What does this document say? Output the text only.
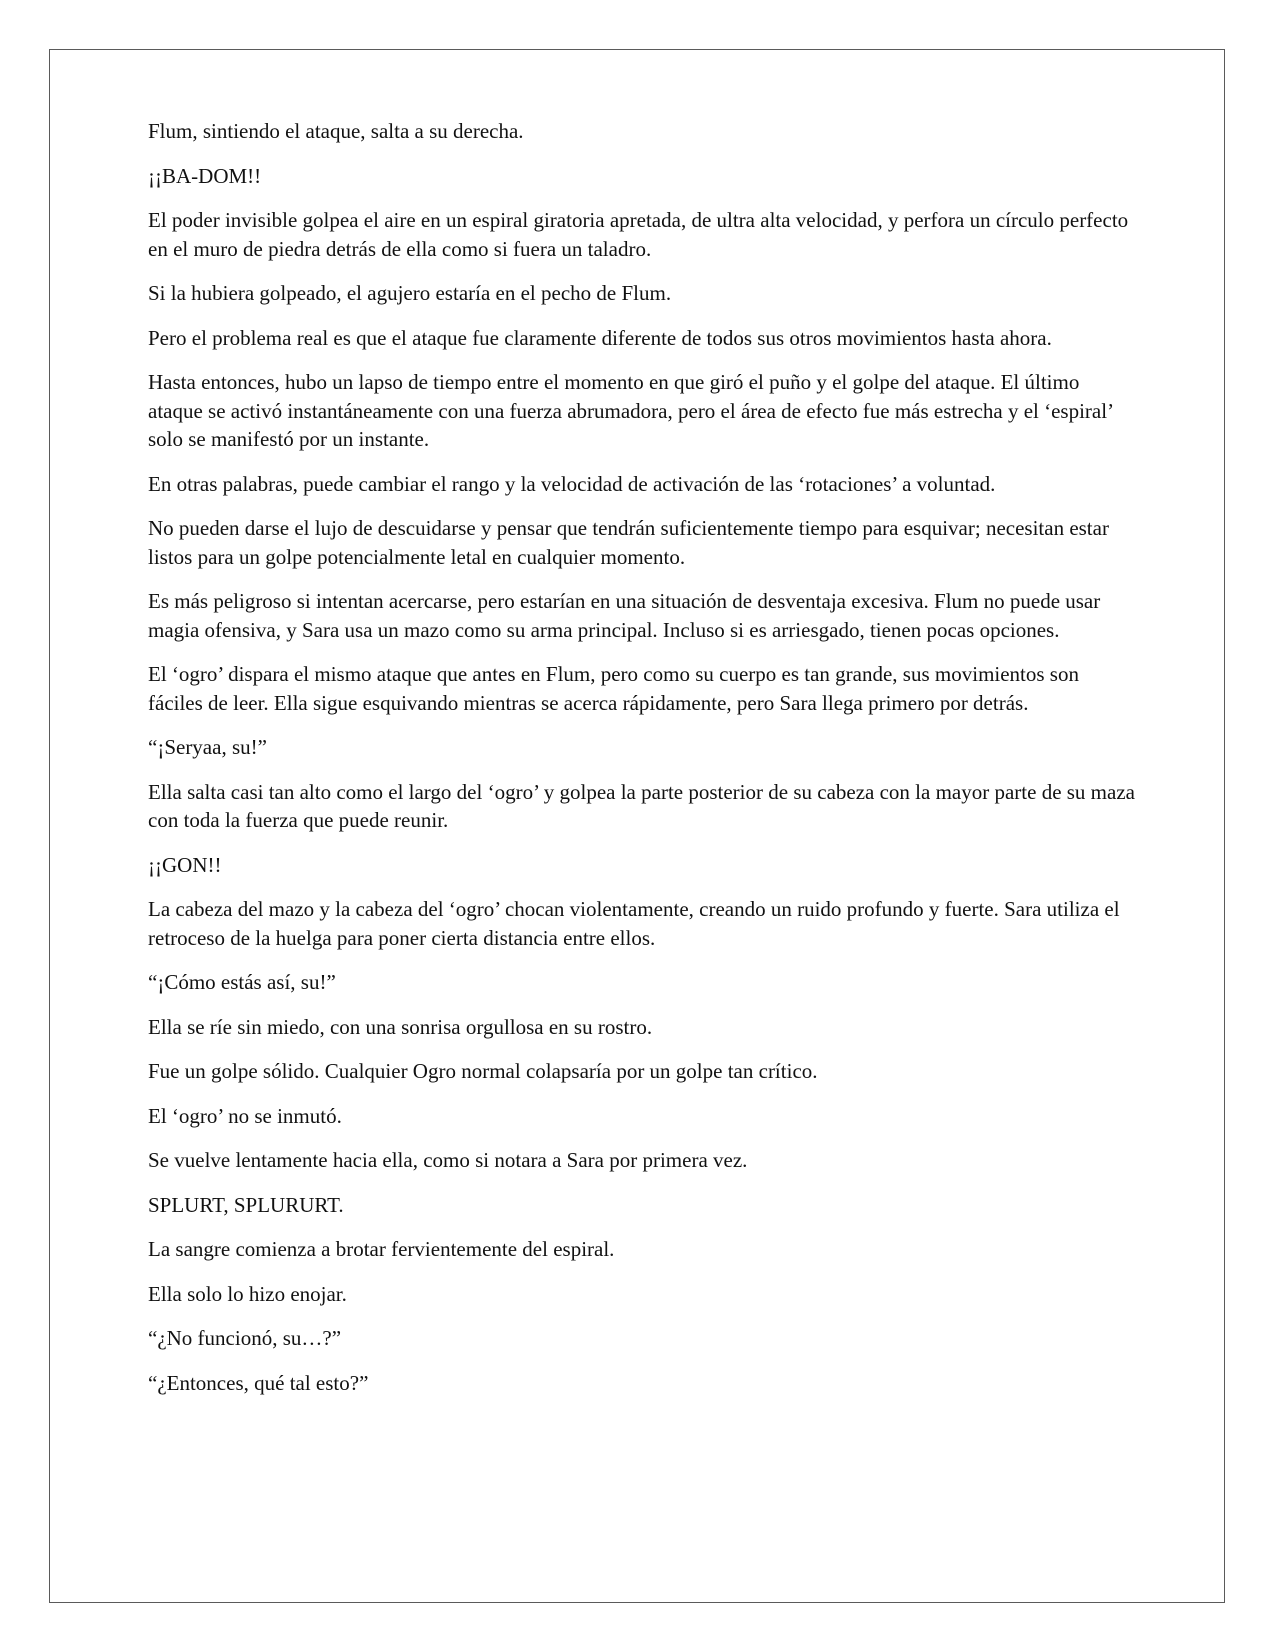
Flum, sintiendo el ataque, salta a su derecha.

¡¡BA-DOM!!

El poder invisible golpea el aire en un espiral giratoria apretada, de ultra alta velocidad, y perfora un círculo perfecto en el muro de piedra detrás de ella como si fuera un taladro.

Si la hubiera golpeado, el agujero estaría en el pecho de Flum.

Pero el problema real es que el ataque fue claramente diferente de todos sus otros movimientos hasta ahora.

Hasta entonces, hubo un lapso de tiempo entre el momento en que giró el puño y el golpe del ataque. El último ataque se activó instantáneamente con una fuerza abrumadora, pero el área de efecto fue más estrecha y el ‘espiral’ solo se manifestó por un instante.

En otras palabras, puede cambiar el rango y la velocidad de activación de las ‘rotaciones’ a voluntad.

No pueden darse el lujo de descuidarse y pensar que tendrán suficientemente tiempo para esquivar; necesitan estar listos para un golpe potencialmente letal en cualquier momento.

Es más peligroso si intentan acercarse, pero estarían en una situación de desventaja excesiva. Flum no puede usar magia ofensiva, y Sara usa un mazo como su arma principal. Incluso si es arriesgado, tienen pocas opciones.

El ‘ogro’ dispara el mismo ataque que antes en Flum, pero como su cuerpo es tan grande, sus movimientos son fáciles de leer. Ella sigue esquivando mientras se acerca rápidamente, pero Sara llega primero por detrás.

“¡Seryaa, su!”

Ella salta casi tan alto como el largo del ‘ogro’ y golpea la parte posterior de su cabeza con la mayor parte de su maza con toda la fuerza que puede reunir.

¡¡GON!!

La cabeza del mazo y la cabeza del ‘ogro’ chocan violentamente, creando un ruido profundo y fuerte. Sara utiliza el retroceso de la huelga para poner cierta distancia entre ellos.

“¡Cómo estás así, su!”

Ella se ríe sin miedo, con una sonrisa orgullosa en su rostro.

Fue un golpe sólido. Cualquier Ogro normal colapsaría por un golpe tan crítico.

El ‘ogro’ no se inmutó.

Se vuelve lentamente hacia ella, como si notara a Sara por primera vez.

SPLURT, SPLURURT.

La sangre comienza a brotar fervientemente del espiral.

Ella solo lo hizo enojar.

“¿No funcionó, su…?”

“¿Entonces, qué tal esto?”
